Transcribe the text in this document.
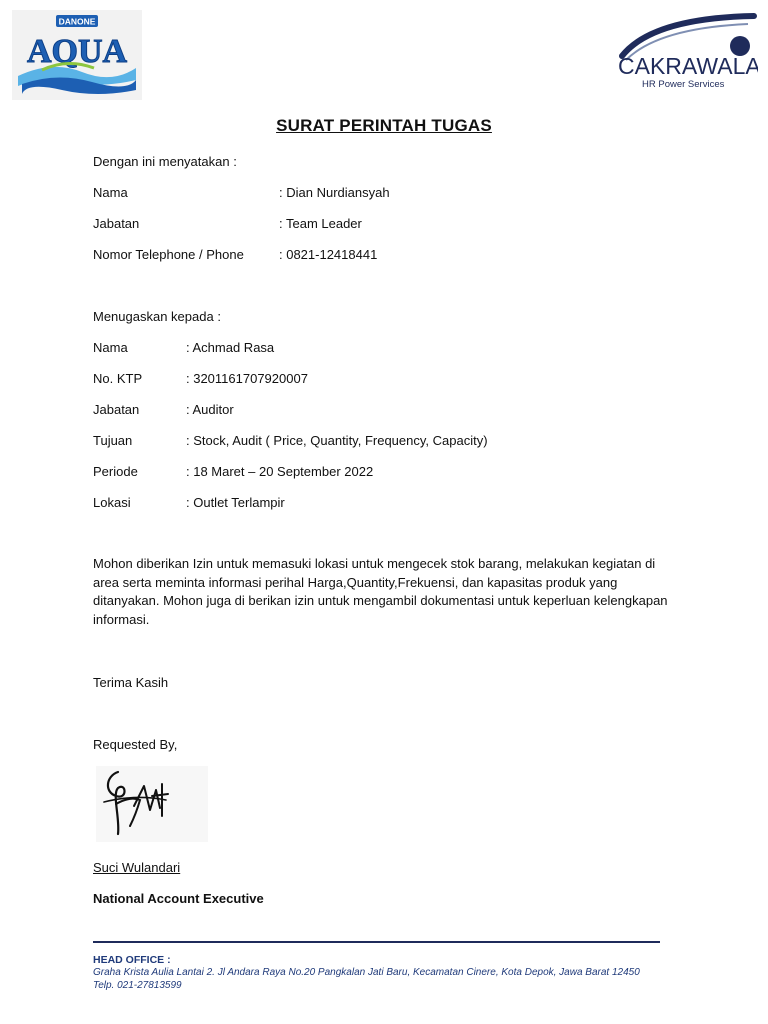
DANONE
AQUA	CAKRAWALA
HR Power Services
SURAT PERINTAH TUGAS
Dengan ini menyatakan :
Nama	: Dian Nurdiansyah
Jabatan	: Team Leader
Nomor Telephone / Phone	: 0821-12418441
Menugaskan kepada :
Nama	: Achmad Rasa
No. KTP	: 3201161707920007
Jabatan	: Auditor
Tujuan	: Stock, Audit ( Price, Quantity, Frequency, Capacity)
Periode	: 18 Maret – 20 September 2022
Lokasi	: Outlet Terlampir
Mohon diberikan Izin untuk memasuki lokasi untuk mengecek stok barang, melakukan kegiatan di area serta meminta informasi perihal Harga,Quantity,Frekuensi, dan kapasitas produk yang ditanyakan. Mohon juga di berikan izin untuk mengambil dokumentasi untuk keperluan kelengkapan informasi.
Terima Kasih
Requested By,
Suci Wulandari
National Account Executive
HEAD OFFICE :
Graha Krista Aulia Lantai 2. Jl Andara Raya No.20 Pangkalan Jati Baru, Kecamatan Cinere, Kota Depok, Jawa Barat 12450
Telp. 021-27813599
